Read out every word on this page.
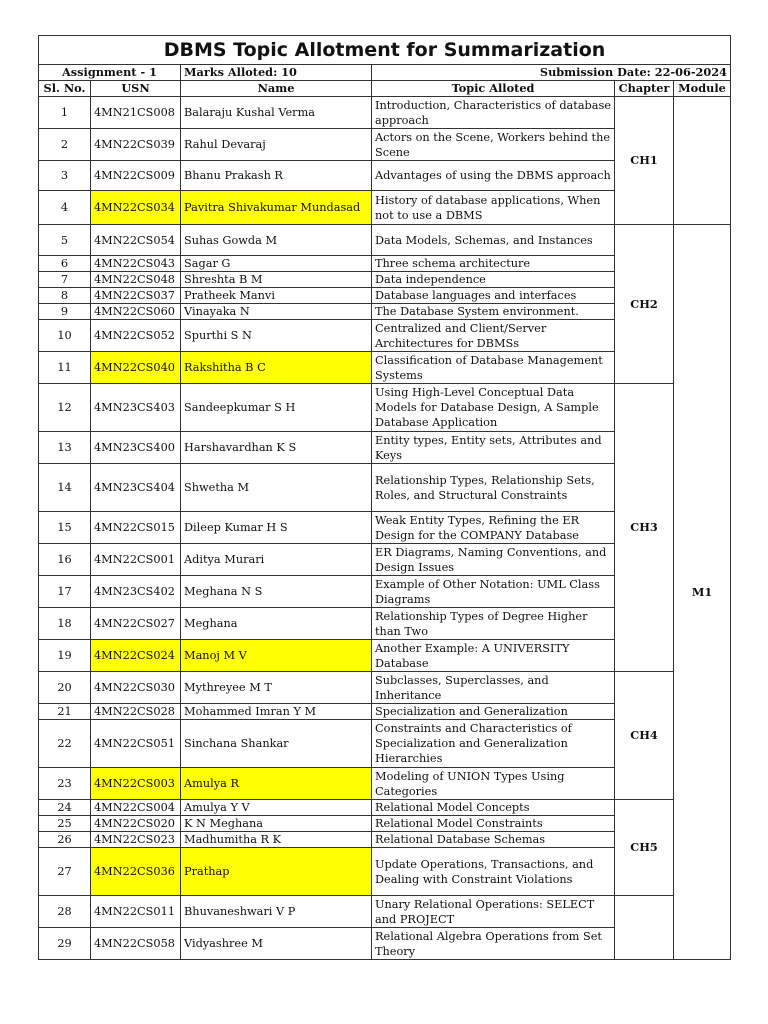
DBMS Topic Allotment for Summarization					
Assignment - 1		Marks Alloted: 10	Submission Date: 22-06-2024		
Sl. No.	USN	Name	Topic Alloted	Chapter	Module
1	4MN21CS008	Balaraju Kushal Verma	Introduction, Characteristics of database approach	CH1	
2	4MN22CS039	Rahul Devaraj	Actors on the Scene, Workers behind the Scene		
3	4MN22CS009	Bhanu Prakash R	Advantages of using the DBMS approach		
4	4MN22CS034	Pavitra Shivakumar Mundasad	History of database applications, When not to use a DBMS		
5	4MN22CS054	Suhas Gowda M	Data Models, Schemas, and Instances	CH2	M1
6	4MN22CS043	Sagar G	Three schema architecture		
7	4MN22CS048	Shreshta B M	Data independence		
8	4MN22CS037	Pratheek Manvi	Database languages and interfaces		
9	4MN22CS060	Vinayaka N	The Database System environment.		
10	4MN22CS052	Spurthi S N	Centralized and Client/Server Architectures for DBMSs		
11	4MN22CS040	Rakshitha B C	Classification of Database Management Systems		
12	4MN23CS403	Sandeepkumar S H	Using High-Level Conceptual Data Models for Database Design, A Sample Database Application	CH3	
13	4MN23CS400	Harshavardhan K S	Entity types, Entity sets, Attributes and Keys		
14	4MN23CS404	Shwetha M	Relationship Types, Relationship Sets, Roles, and Structural Constraints		
15	4MN22CS015	Dileep Kumar H S	Weak Entity Types, Refining the ER Design for the COMPANY Database		
16	4MN22CS001	Aditya Murari	ER Diagrams, Naming Conventions, and Design Issues		
17	4MN23CS402	Meghana N S	Example of Other Notation: UML Class Diagrams		
18	4MN22CS027	Meghana	Relationship Types of Degree Higher than Two		
19	4MN22CS024	Manoj M V	Another Example: A UNIVERSITY Database		
20	4MN22CS030	Mythreyee M T	Subclasses, Superclasses, and Inheritance	CH4	
21	4MN22CS028	Mohammed Imran Y M	Specialization and Generalization		
22	4MN22CS051	Sinchana Shankar	Constraints and Characteristics of Specialization and Generalization Hierarchies		
23	4MN22CS003	Amulya R	Modeling of UNION Types Using Categories		
24	4MN22CS004	Amulya Y V	Relational Model Concepts	CH5	
25	4MN22CS020	K N Meghana	Relational Model Constraints		
26	4MN22CS023	Madhumitha R K	Relational Database Schemas		
27	4MN22CS036	Prathap	Update Operations, Transactions, and Dealing with Constraint Violations		
28	4MN22CS011	Bhuvaneshwari V P	Unary Relational Operations: SELECT and PROJECT		
29	4MN22CS058	Vidyashree M	Relational Algebra Operations from Set Theory		
